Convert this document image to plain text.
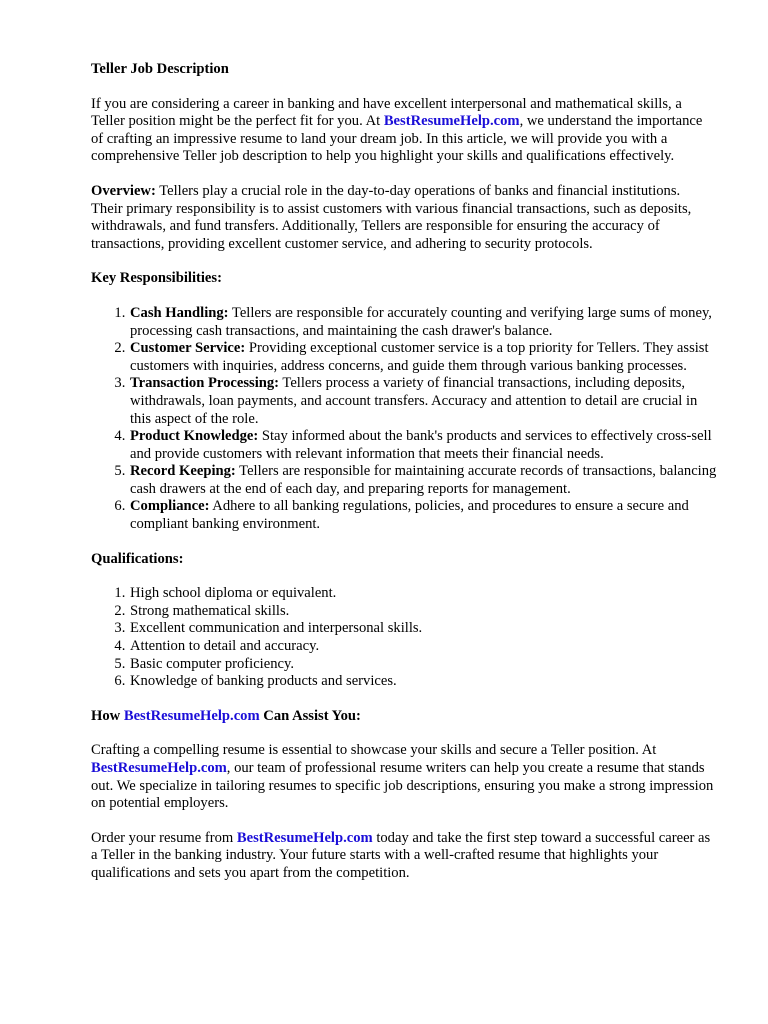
Teller Job Description

If you are considering a career in banking and have excellent interpersonal and mathematical skills, a Teller position might be the perfect fit for you. At BestResumeHelp.com, we understand the importance of crafting an impressive resume to land your dream job. In this article, we will provide you with a comprehensive Teller job description to help you highlight your skills and qualifications effectively.

Overview: Tellers play a crucial role in the day-to-day operations of banks and financial institutions. Their primary responsibility is to assist customers with various financial transactions, such as deposits, withdrawals, and fund transfers. Additionally, Tellers are responsible for ensuring the accuracy of transactions, providing excellent customer service, and adhering to security protocols.

Key Responsibilities:
1. Cash Handling: Tellers are responsible for accurately counting and verifying large sums of money, processing cash transactions, and maintaining the cash drawer's balance.
2. Customer Service: Providing exceptional customer service is a top priority for Tellers. They assist customers with inquiries, address concerns, and guide them through various banking processes.
3. Transaction Processing: Tellers process a variety of financial transactions, including deposits, withdrawals, loan payments, and account transfers. Accuracy and attention to detail are crucial in this aspect of the role.
4. Product Knowledge: Stay informed about the bank's products and services to effectively cross-sell and provide customers with relevant information that meets their financial needs.
5. Record Keeping: Tellers are responsible for maintaining accurate records of transactions, balancing cash drawers at the end of each day, and preparing reports for management.
6. Compliance: Adhere to all banking regulations, policies, and procedures to ensure a secure and compliant banking environment.
Qualifications:
1. High school diploma or equivalent.
2. Strong mathematical skills.
3. Excellent communication and interpersonal skills.
4. Attention to detail and accuracy.
5. Basic computer proficiency.
6. Knowledge of banking products and services.
How BestResumeHelp.com Can Assist You:

Crafting a compelling resume is essential to showcase your skills and secure a Teller position. At BestResumeHelp.com, our team of professional resume writers can help you create a resume that stands out. We specialize in tailoring resumes to specific job descriptions, ensuring you make a strong impression on potential employers.

Order your resume from BestResumeHelp.com today and take the first step toward a successful career as a Teller in the banking industry. Your future starts with a well-crafted resume that highlights your qualifications and sets you apart from the competition.
